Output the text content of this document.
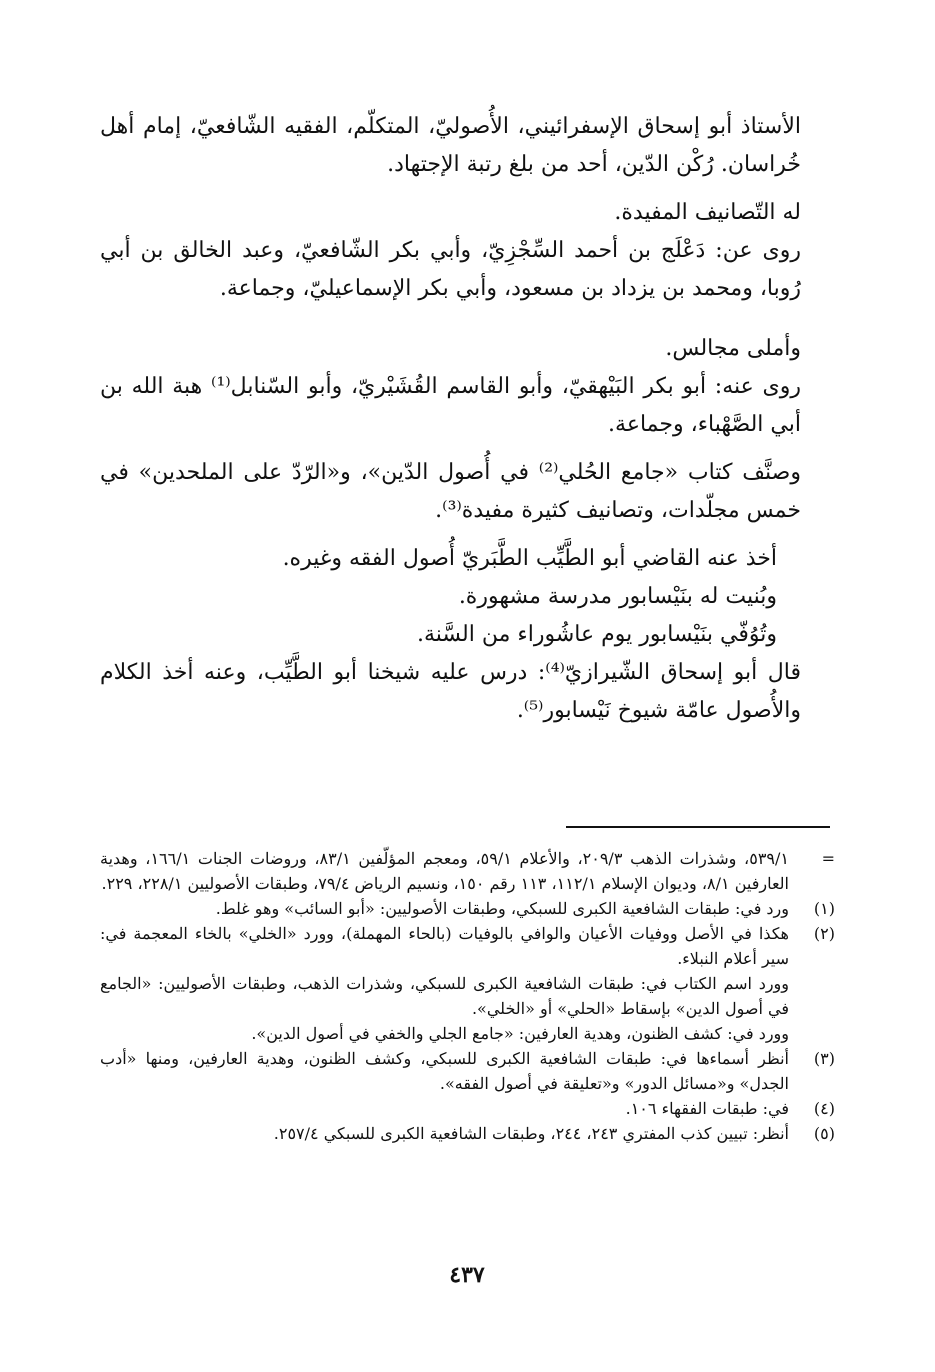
الأستاذ أبو إسحاق الإسفرائيني، الأُصوليّ، المتكلّم، الفقيه الشّافعيّ، إمام أهل خُراسان. رُكْن الدّين، أحد من بلغ رتبة الإجتهاد.

له التّصانيف المفيدة.

روى عن: دَعْلَج بن أحمد السِّجْزِيّ، وأبي بكر الشّافعيّ، وعبد الخالق بن أبي رُوبا، ومحمد بن يزداد بن مسعود، وأبي بكر الإسماعيليّ، وجماعة.

وأملى مجالس.

روى عنه: أبو بكر البَيْهقيّ، وأبو القاسم القُشَيْريّ، وأبو السّنابل⁽¹⁾ هبة الله بن أبي الصَّهْباء، وجماعة.

وصنَّف كتاب «جامع الحُلي⁽²⁾ في أُصول الدّين»، و«الرّدّ على الملحدين» في خمس مجلّدات، وتصانيف كثيرة مفيدة⁽³⁾.

أخذ عنه القاضي أبو الطَّيِّب الطَّبَريّ أُصول الفقه وغيره.

وبُنيت له بنَيْسابور مدرسة مشهورة.

وتُوُفّي بنَيْسابور يوم عاشُوراء من السَّنة.

قال أبو إسحاق الشّيرازيّ⁽⁴⁾: درس عليه شيخنا أبو الطَّيِّب، وعنه أخذ الكلام والأُصول عامّة شيوخ نَيْسابور⁽⁵⁾.

=
٥٣٩/١، وشذرات الذهب ٢٠٩/٣، والأعلام ٥٩/١، ومعجم المؤلّفين ٨٣/١، وروضات الجنات ١٦٦/١، وهدية العارفين ٨/١، وديوان الإسلام ١١٢/١، ١١٣ رقم ١٥٠، ونسيم الرياض ٧٩/٤، وطبقات الأصوليين ٢٢٨/١، ٢٢٩.
(١)
ورد في: طبقات الشافعية الكبرى للسبكي، وطبقات الأصوليين: «أبو السائب» وهو غلط.
(٢)
هكذا في الأصل ووفيات الأعيان والوافي بالوفيات (بالحاء المهملة)، وورد «الخلي» بالخاء المعجمة في: سير أعلام النبلاء.
وورد اسم الكتاب في: طبقات الشافعية الكبرى للسبكي، وشذرات الذهب، وطبقات الأصوليين: «الجامع في أصول الدين» بإسقاط «الحلي» أو «الخلي».
وورد في: كشف الظنون، وهدية العارفين: «جامع الجلي والخفي في أصول الدين».
(٣)
أنظر أسماءها في: طبقات الشافعية الكبرى للسبكي، وكشف الظنون، وهدية العارفين، ومنها «أدب الجدل» و«مسائل الدور» و«تعليقة في أصول الفقه».
(٤)
في: طبقات الفقهاء ١٠٦.
(٥)
أنظر: تبيين كذب المفتري ٢٤٣، ٢٤٤، وطبقات الشافعية الكبرى للسبكي ٢٥٧/٤.
٤٣٧
